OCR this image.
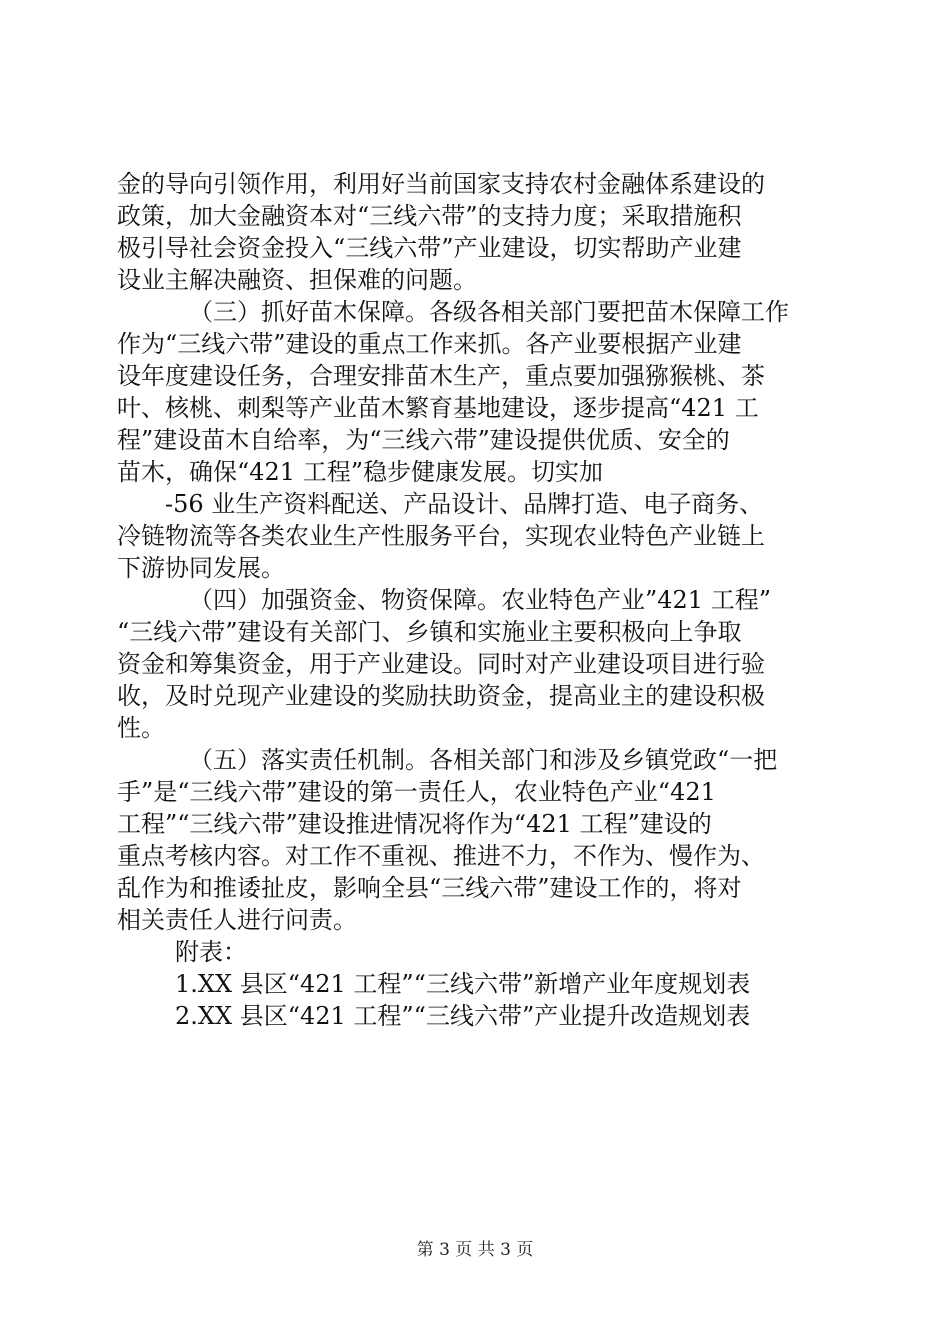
金的导向引领作用，利用好当前国家支持农村金融体系建设的
政策，加大金融资本对“三线六带”的支持力度；采取措施积
极引导社会资金投入“三线六带”产业建设，切实帮助产业建
设业主解决融资、担保难的问题。
（三）抓好苗木保障。各级各相关部门要把苗木保障工作
作为“三线六带”建设的重点工作来抓。各产业要根据产业建
设年度建设任务，合理安排苗木生产，重点要加强猕猴桃、茶
叶、核桃、刺梨等产业苗木繁育基地建设，逐步提高“421 工
程”建设苗木自给率，为“三线六带”建设提供优质、安全的
苗木，确保“421 工程”稳步健康发展。切实加
-56 业生产资料配送、产品设计、品牌打造、电子商务、
冷链物流等各类农业生产性服务平台，实现农业特色产业链上
下游协同发展。
（四）加强资金、物资保障。农业特色产业”421 工程”
“三线六带”建设有关部门、乡镇和实施业主要积极向上争取
资金和筹集资金，用于产业建设。同时对产业建设项目进行验
收，及时兑现产业建设的奖励扶助资金，提高业主的建设积极
性。
（五）落实责任机制。各相关部门和涉及乡镇党政“一把
手”是“三线六带”建设的第一责任人，农业特色产业“421
工程”“三线六带”建设推进情况将作为“421 工程”建设的
重点考核内容。对工作不重视、推进不力，不作为、慢作为、
乱作为和推诿扯皮，影响全县“三线六带”建设工作的，将对
相关责任人进行问责。
附表：
1.XX 县区“421 工程”“三线六带”新增产业年度规划表
2.XX 县区“421 工程”“三线六带”产业提升改造规划表
第 3 页 共 3 页
